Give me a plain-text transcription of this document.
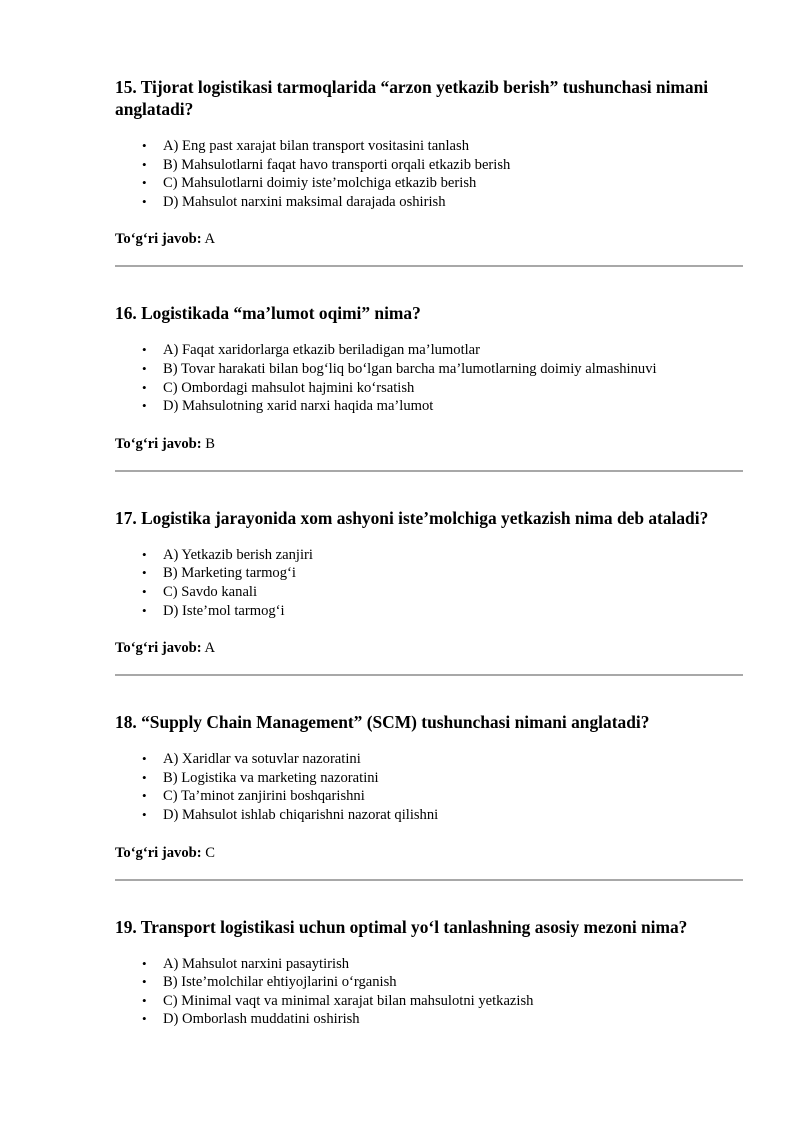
15. Tijorat logistikasi tarmoqlarida “arzon yetkazib berish” tushunchasi nimani anglatadi?
• A) Eng past xarajat bilan transport vositasini tanlash
• B) Mahsulotlarni faqat havo transporti orqali etkazib berish
• C) Mahsulotlarni doimiy iste’molchiga etkazib berish
• D) Mahsulot narxini maksimal darajada oshirish

To‘g‘ri javob: A

16. Logistikada “ma’lumot oqimi” nima?
• A) Faqat xaridorlarga etkazib beriladigan ma’lumotlar
• B) Tovar harakati bilan bog‘liq bo‘lgan barcha ma’lumotlarning doimiy almashinuvi
• C) Ombordagi mahsulot hajmini ko‘rsatish
• D) Mahsulotning xarid narxi haqida ma’lumot

To‘g‘ri javob: B

17. Logistika jarayonida xom ashyoni iste’molchiga yetkazish nima deb ataladi?
• A) Yetkazib berish zanjiri
• B) Marketing tarmog‘i
• C) Savdo kanali
• D) Iste’mol tarmog‘i

To‘g‘ri javob: A

18. “Supply Chain Management” (SCM) tushunchasi nimani anglatadi?
• A) Xaridlar va sotuvlar nazoratini
• B) Logistika va marketing nazoratini
• C) Ta’minot zanjirini boshqarishni
• D) Mahsulot ishlab chiqarishni nazorat qilishni

To‘g‘ri javob: C

19. Transport logistikasi uchun optimal yo‘l tanlashning asosiy mezoni nima?
• A) Mahsulot narxini pasaytirish
• B) Iste’molchilar ehtiyojlarini o‘rganish
• C) Minimal vaqt va minimal xarajat bilan mahsulotni yetkazish
• D) Omborlash muddatini oshirish
